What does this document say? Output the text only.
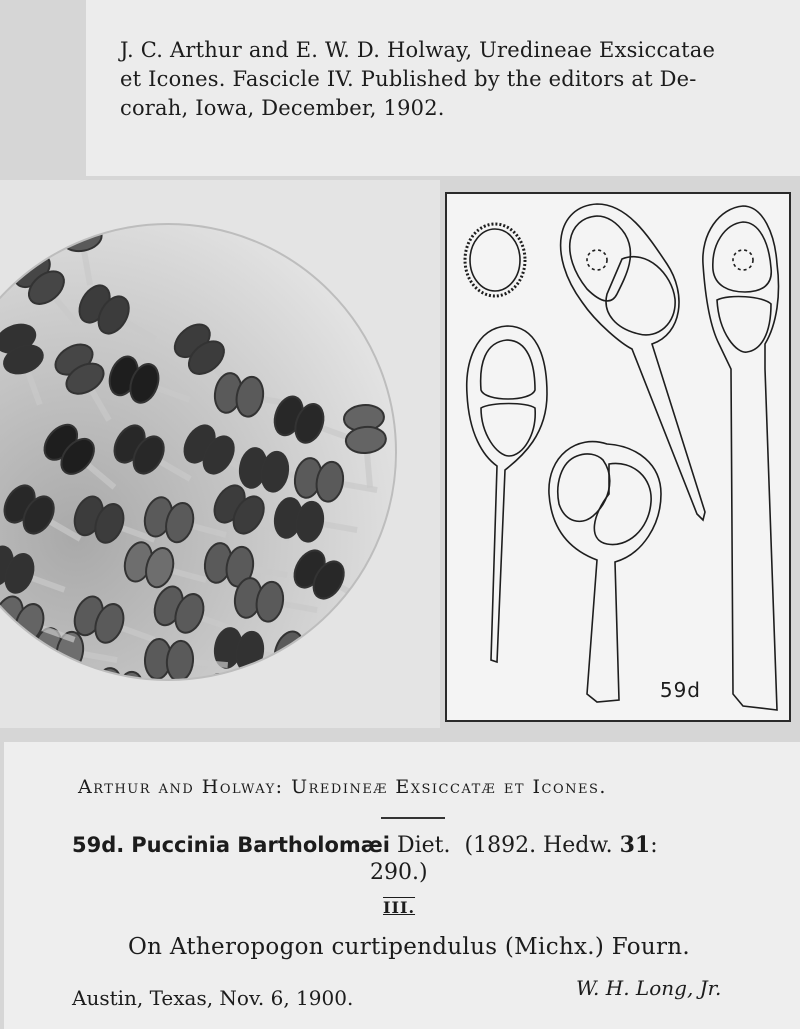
J. C. Arthur and E. W. D. Holway, Uredineae Exsiccatae
et Icones. Fascicle IV. Published by the editors at De-
corah, Iowa, December, 1902.
59d
Arthur and Holway: Uredineæ Exsiccatæ et Icones.
59d. Puccinia Bartholomæi Diet. (1892. Hedw. 31:
290.)
III.
On Atheropogon curtipendulus (Michx.) Fourn.
Austin, Texas, Nov. 6, 1900.	W. H. Long, Jr.
